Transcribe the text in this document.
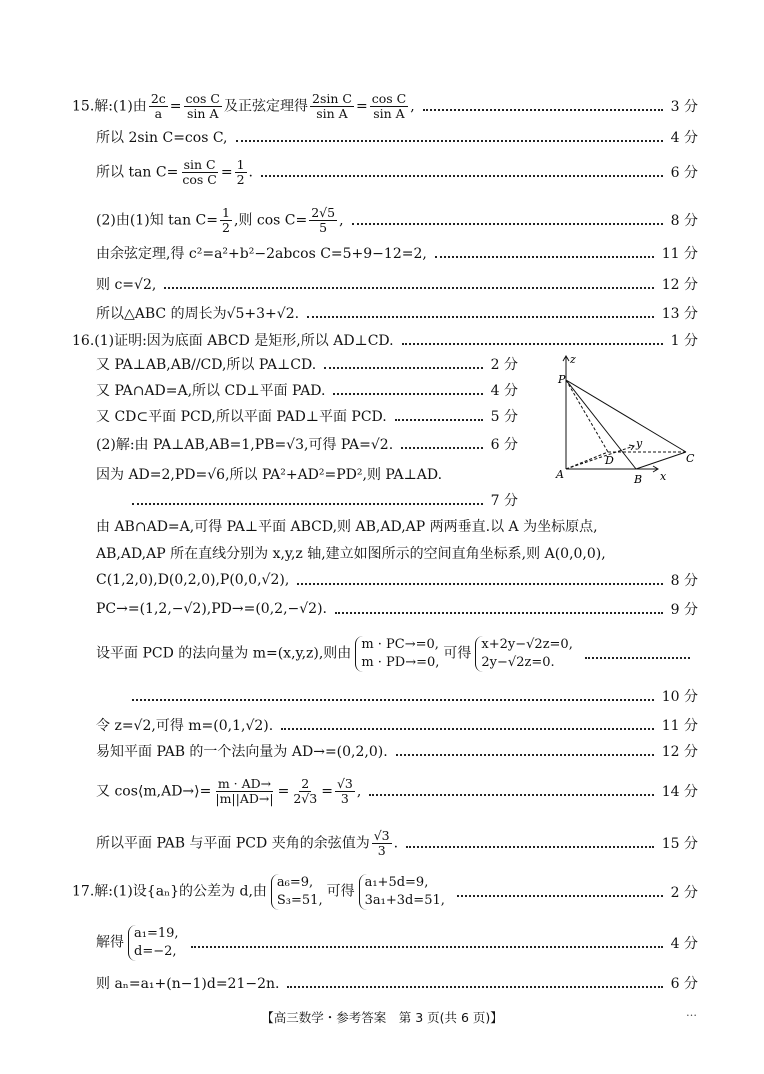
15.解:(1)由 $\frac{2c}{a} = \frac{\text{cos C}}{\text{sin A}}$ 及正弦定理得 $\frac{\text{2sin C}}{\text{sin A}} = \frac{\text{cos C}}{\text{sin A}}$ ,	3 分
所以 2sin C=cos C,	4 分
所以 $\tan C= \frac{\text{sin C}}{\text{cos C}} = \frac{1}{2}$ .	6 分
(2)由(1)知 $\tan C= \frac{1}{2}$ ,则 $\cos C= \frac{2√5}{5}$ ,	8 分
由余弦定理,得 c²=a²+b²−2abcos C=5+9−12=2,	11 分
则 c=√2,	12 分
所以△ABC 的周长为√5+3+√2.	13 分
16.(1)证明:因为底面 ABCD 是矩形,所以 AD⊥CD.	1 分
又 PA⊥AB,AB//CD,所以 PA⊥CD.	2 分
又 PA∩AD=A,所以 CD⊥平面 PAD.	4 分
又 CD⊂平面 PCD,所以平面 PAD⊥平面 PCD.	5 分
(2)解:由 PA⊥AB,AB=1,PB=√3,可得 PA=√2.	6 分
因为 AD=2,PD=√6,所以 PA²+AD²=PD²,则 PA⊥AD.
7 分
P
z
D
y
C
A	B x
由 AB∩AD=A,可得 PA⊥平面 ABCD,则 AB,AD,AP 两两垂直.以 A 为坐标原点,
AB,AD,AP 所在直线分别为 x,y,z 轴,建立如图所示的空间直角坐标系,则 A(0,0,0),
C(1,2,0),D(0,2,0),P(0,0,√2),	8 分
PC→=(1,2,−√2),PD→=(0,2,−√2).	9 分
设平面 PCD 的法向量为 m=(x,y,z),则由
m · PC→=0,
m · PD→=0,
可得
x+2y−√2z=0,
2y−√2z=0.
10 分
令 z=√2,可得 m=(0,1,√2).	11 分
易知平面 PAB 的一个法向量为 AD→=(0,2,0).	12 分
又 cos⟨m,AD→⟩= $\frac{m \cdot AD\to}{|m||AD\to|} = \frac{2}{2√3} = \frac{√3}{3}$ ,	14 分
所以平面 PAB 与平面 PCD 夹角的余弦值为 $\frac{√3}{3}$ .	15 分
17.解:(1)设{aₙ}的公差为 d,由
a₆=9,
S₃=51,
可得
a₁+5d=9,
3a₁+3d=51,	2 分
解得
a₁=19,
d=−2,	4 分
则 aₙ=a₁+(n−1)d=21−2n.	6 分
【高三数学・参考答案　第 3 页(共 6 页)】	…
